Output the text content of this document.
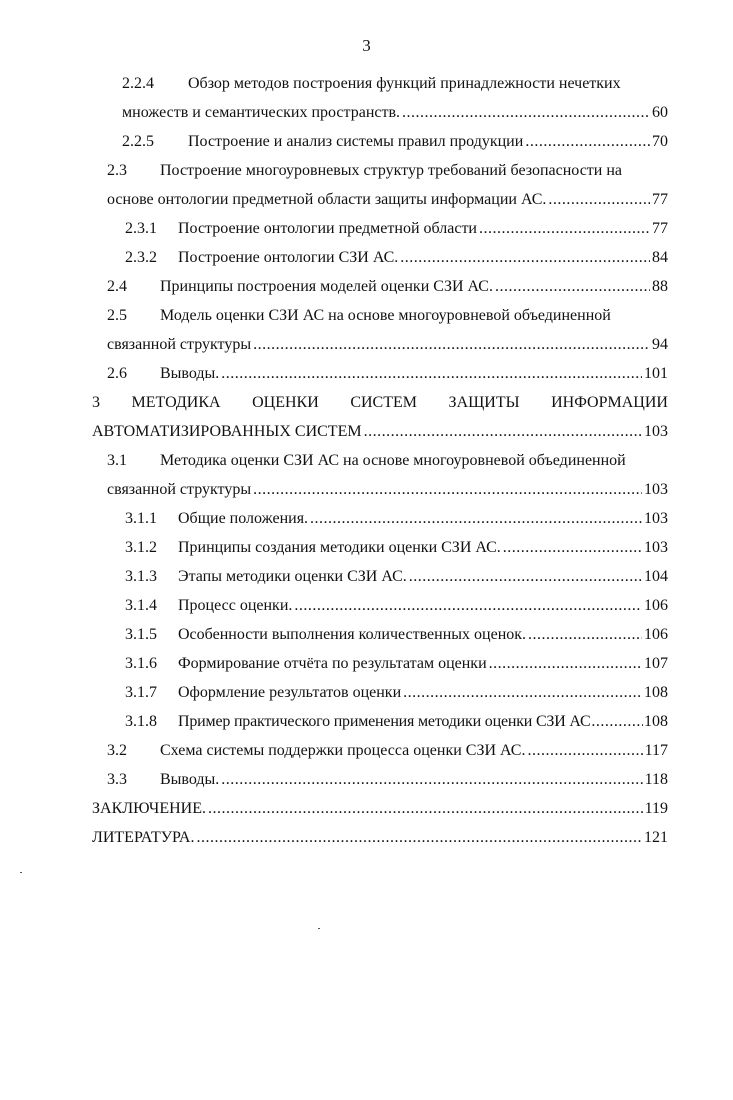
3
2.2.4 Обзор методов построения функций принадлежности нечетких
множеств и семантических пространств. .....	60
2.2.5	Построение и анализ системы правил продукции .....	70
2.3 Построение многоуровневых структур требований безопасности на
основе онтологии предметной области защиты информации АС. .....	77
2.3.1	Построение онтологии предметной области .....	77
2.3.2	Построение онтологии СЗИ АС. .....	84
2.4	Принципы построения моделей оценки СЗИ АС. .....	88
2.5 Модель оценки СЗИ АС на основе многоуровневой объединенной
связанной структуры .....	94
2.6	Выводы. .....	101
3 МЕТОДИКА ОЦЕНКИ СИСТЕМ ЗАЩИТЫ ИНФОРМАЦИИ
АВТОМАТИЗИРОВАННЫХ СИСТЕМ .....	103
3.1 Методика оценки СЗИ АС на основе многоуровневой объединенной
связанной структуры .....	103
3.1.1	Общие положения. .....	103
3.1.2	Принципы создания методики оценки СЗИ АС. .....	103
3.1.3	Этапы методики оценки СЗИ АС. .....	104
3.1.4	Процесс оценки. .....	106
3.1.5	Особенности выполнения количественных оценок. .....	106
3.1.6	Формирование отчёта по результатам оценки .....	107
3.1.7	Оформление результатов оценки .....	108
3.1.8	Пример практического применения методики оценки СЗИ АС .....	108
3.2	Схема системы поддержки процесса оценки СЗИ АС. .....	117
3.3	Выводы. .....	118
ЗАКЛЮЧЕНИЕ. .....	119
ЛИТЕРАТУРА. .....	121
